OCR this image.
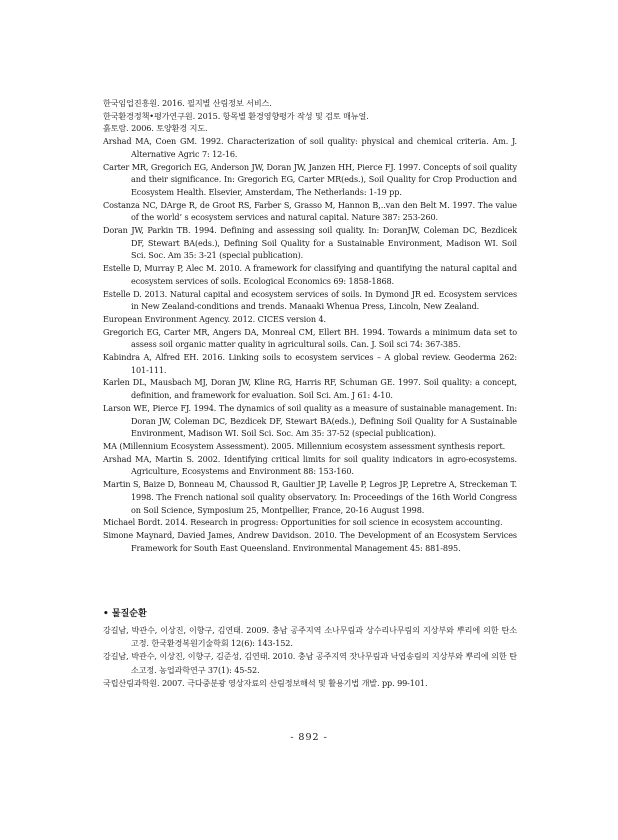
한국임업진흥원. 2016. 필지별 산림정보 서비스.

한국환경정책•평가연구원. 2015. 항목별 환경영향평가 작성 및 검토 매뉴얼.

흙토람. 2006. 토양환경 지도.

Arshad MA, Coen GM. 1992. Characterization of soil quality: physical and chemical criteria. Am. J. Alternative Agric 7: 12-16.

Carter MR, Gregorich EG, Anderson JW, Doran JW, Janzen HH, Pierce FJ. 1997. Concepts of soil quality and their significance. In: Gregorich EG, Carter MR(eds.), Soil Quality for Crop Production and Ecosystem Health. Elsevier, Amsterdam, The Netherlands: 1-19 pp.

Costanza NC, DArge R, de Groot RS, Farber S, Grasso M, Hannon B,..van den Belt M. 1997. The value of the world’ s ecosystem services and natural capital. Nature 387: 253-260.

Doran JW, Parkin TB. 1994. Defining and assessing soil quality. In: DoranJW, Coleman DC, Bezdicek DF, Stewart BA(eds.), Defining Soil Quality for a Sustainable Environment, Madison WI. Soil Sci. Soc. Am 35: 3-21 (special publication).

Estelle D, Murray P, Alec M. 2010. A framework for classifying and quantifying the natural capital and ecosystem services of soils. Ecological Economics 69: 1858-1868.

Estelle D. 2013. Natural capital and ecosystem services of soils. In Dymond JR ed. Ecosystem services in New Zealand-conditions and trends. Manaaki Whenua Press, Lincoln, New Zealand.

European Environment Agency. 2012. CICES version 4.

Gregorich EG, Carter MR, Angers DA, Monreal CM, Ellert BH. 1994. Towards a minimum data set to assess soil organic matter quality in agricultural soils. Can. J. Soil sci 74: 367-385.

Kabindra A, Alfred EH. 2016. Linking soils to ecosystem services – A global review. Geoderma 262: 101-111.

Karlen DL, Mausbach MJ, Doran JW, Kline RG, Harris RF, Schuman GE. 1997. Soil quality: a concept, definition, and framework for evaluation. Soil Sci. Am. J 61: 4-10.

Larson WE, Pierce FJ. 1994. The dynamics of soil quality as a measure of sustainable management. In: Doran JW, Coleman DC, Bezdicek DF, Stewart BA(eds.), Defining Soil Quality for A Sustainable Environment, Madison WI. Soil Sci. Soc. Am 35: 37-52 (special publication).

MA (Millennium Ecosystem Assessment). 2005. Millennium ecosystem assessment synthesis report.

Arshad MA, Martin S. 2002. Identifying critical limits for soil quality indicators in agro-ecosystems. Agriculture, Ecosystems and Environment 88: 153-160.

Martin S, Baize D, Bonneau M, Chaussod R, Gaultier JP, Lavelle P, Legros JP, Lepretre A, Streckeman T. 1998. The French national soil quality observatory. In: Proceedings of the 16th World Congress on Soil Science, Symposium 25, Montpellier, France, 20-16 August 1998.

Michael Bordt. 2014. Research in progress: Opportunities for soil science in ecosystem accounting.

Simone Maynard, Davied James, Andrew Davidson. 2010. The Development of an Ecosystem Services Framework for South East Queensland. Environmental Management 45: 881-895.

• 물질순환

강길남, 박관수, 이상진, 이향구, 김연태. 2009. 충남 공주지역 소나무림과 상수리나무림의 지상부와 뿌리에 의한 탄소고정. 한국환경복원기술학회 12(6): 143-152.

강길남, 박관수, 이상진, 이향구, 김준성, 김연태. 2010. 충남 공주지역 잣나무림과 낙엽송림의 지상부와 뿌리에 의한 탄소고정. 농업과학연구 37(1): 45-52.

국립산림과학원. 2007. 극다중분광 영상자료의 산림정보해석 및 활용기법 개발. pp. 99-101.

- 892 -
